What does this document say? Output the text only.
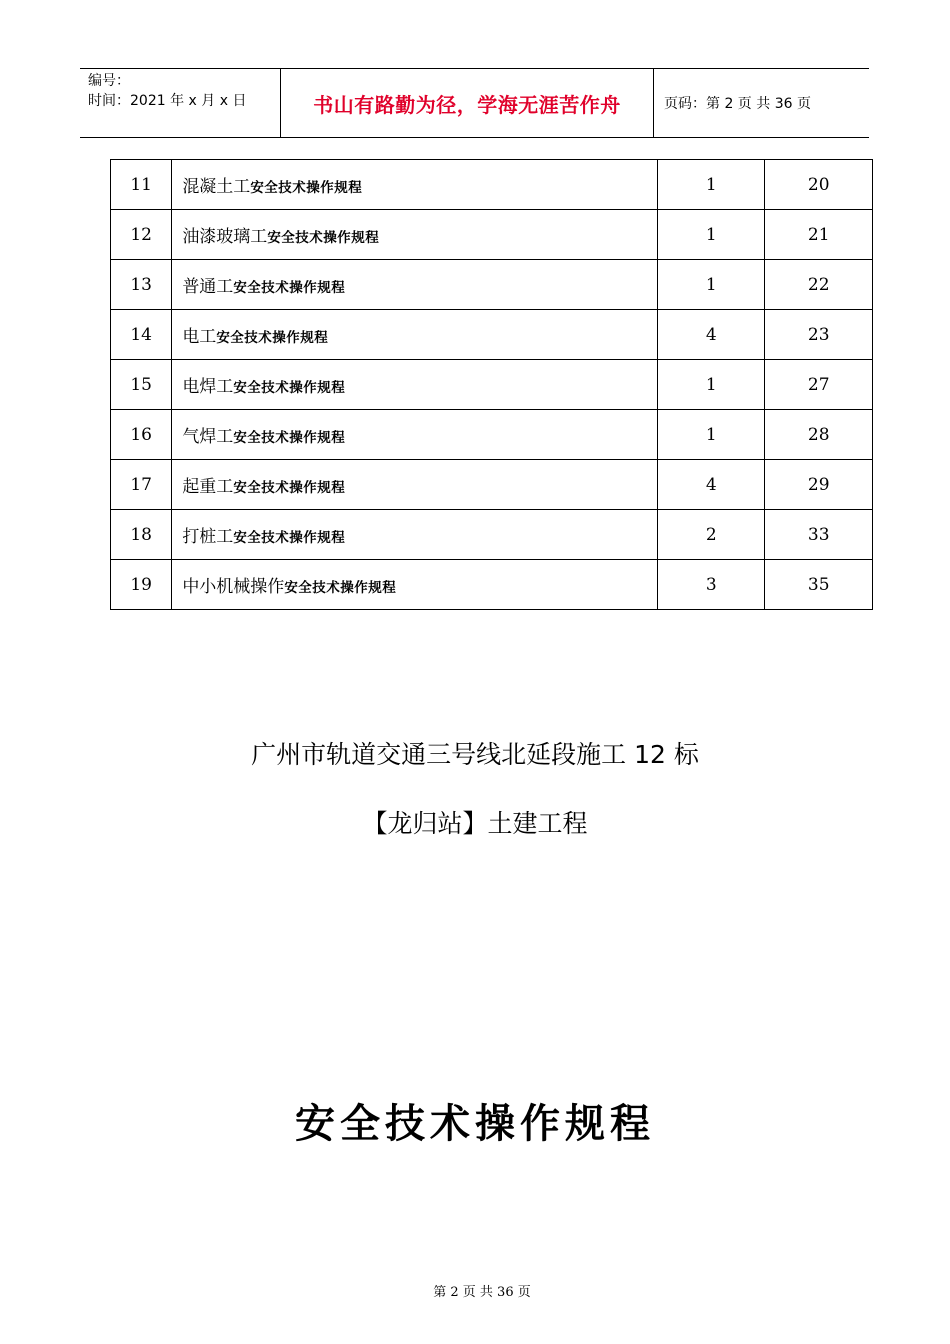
编号：
时间：2021 年 x 月 x 日	书山有路勤为径，学海无涯苦作舟	页码：第 2 页 共 36 页
11	混凝土工安全技术操作规程	1	20
12	油漆玻璃工安全技术操作规程	1	21
13	普通工安全技术操作规程	1	22
14	电工安全技术操作规程	4	23
15	电焊工安全技术操作规程	1	27
16	气焊工安全技术操作规程	1	28
17	起重工安全技术操作规程	4	29
18	打桩工安全技术操作规程	2	33
19	中小机械操作安全技术操作规程	3	35
广州市轨道交通三号线北延段施工 12 标
【龙归站】土建工程
安全技术操作规程
第 2 页 共 36 页
